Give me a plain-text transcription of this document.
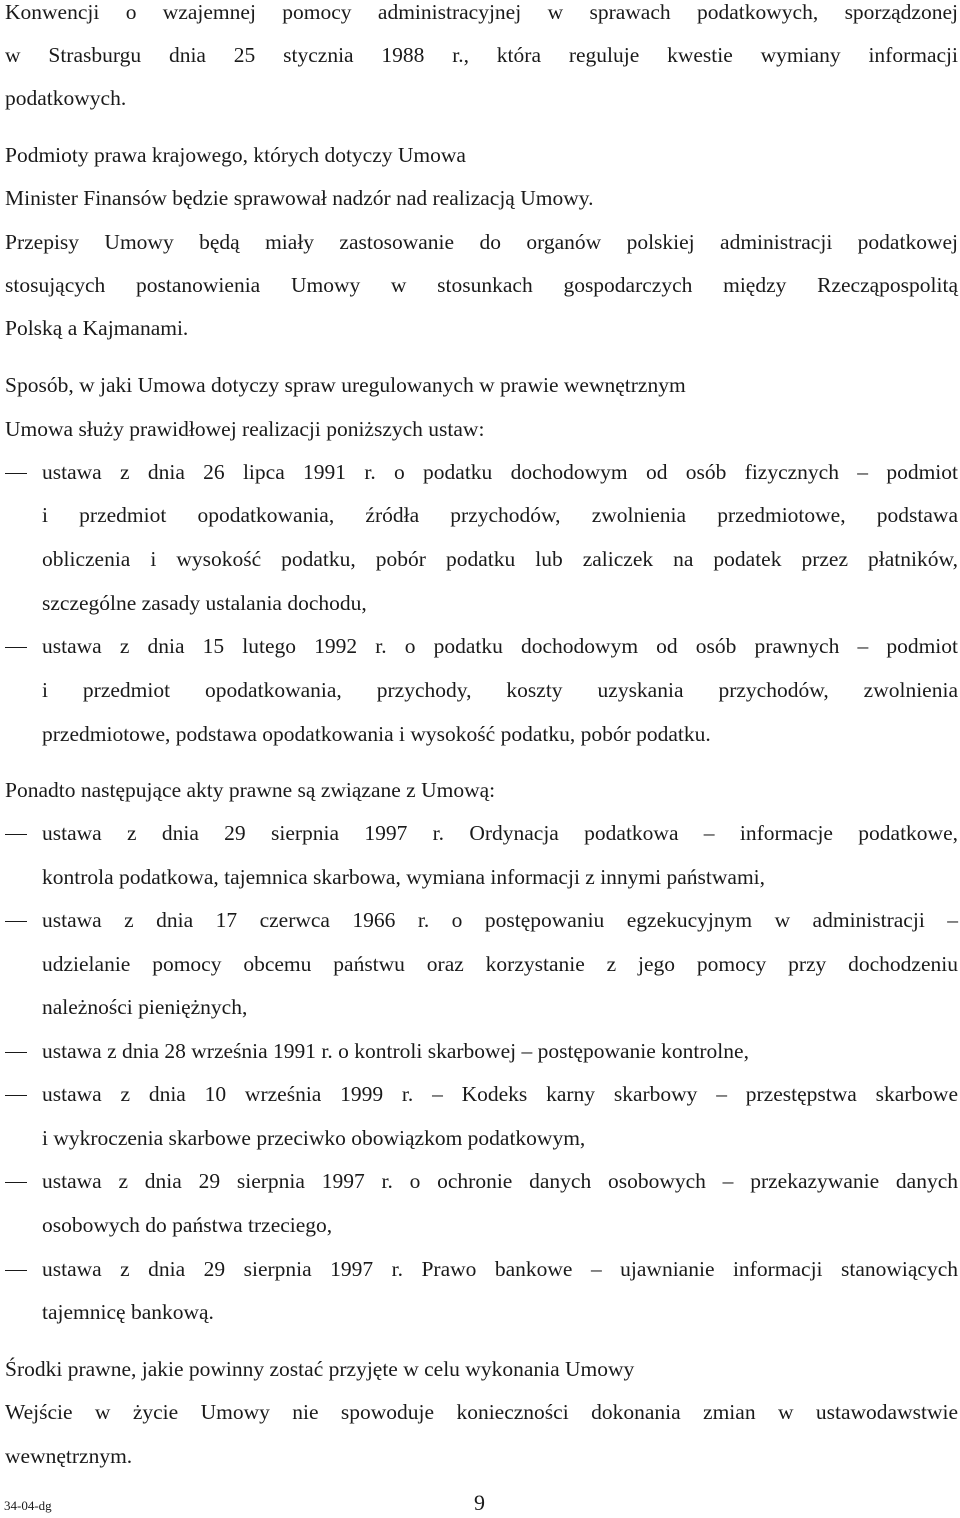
Konwencji o wzajemnej pomocy administracyjnej w sprawach podatkowych, sporządzonej
w Strasburgu dnia 25 stycznia 1988 r., która reguluje kwestie wymiany informacji
podatkowych.
Podmioty prawa krajowego, których dotyczy Umowa
Minister Finansów będzie sprawował nadzór nad realizacją Umowy.
Przepisy Umowy będą miały zastosowanie do organów polskiej administracji podatkowej
stosujących postanowienia Umowy w stosunkach gospodarczych między Rzecząpospolitą
Polską a Kajmanami.
Sposób, w jaki Umowa dotyczy spraw uregulowanych w prawie wewnętrznym
Umowa służy prawidłowej realizacji poniższych ustaw:
ustawa z dnia 26 lipca 1991 r. o podatku dochodowym od osób fizycznych – podmiot
i przedmiot opodatkowania, źródła przychodów, zwolnienia przedmiotowe, podstawa
obliczenia i wysokość podatku, pobór podatku lub zaliczek na podatek przez płatników,
szczególne zasady ustalania dochodu,
ustawa z dnia 15 lutego 1992 r. o podatku dochodowym od osób prawnych – podmiot
i przedmiot opodatkowania, przychody, koszty uzyskania przychodów, zwolnienia
przedmiotowe, podstawa opodatkowania i wysokość podatku, pobór podatku.
Ponadto następujące akty prawne są związane z Umową:
ustawa z dnia 29 sierpnia 1997 r. Ordynacja podatkowa – informacje podatkowe,
kontrola podatkowa, tajemnica skarbowa, wymiana informacji z innymi państwami,
ustawa z dnia 17 czerwca 1966 r. o postępowaniu egzekucyjnym w administracji –
udzielanie pomocy obcemu państwu oraz korzystanie z jego pomocy przy dochodzeniu
należności pieniężnych,
ustawa z dnia 28 września 1991 r. o kontroli skarbowej – postępowanie kontrolne,
ustawa z dnia 10 września 1999 r. – Kodeks karny skarbowy – przestępstwa skarbowe
i wykroczenia skarbowe przeciwko obowiązkom podatkowym,
ustawa z dnia 29 sierpnia 1997 r. o ochronie danych osobowych – przekazywanie danych
osobowych do państwa trzeciego,
ustawa z dnia 29 sierpnia 1997 r. Prawo bankowe – ujawnianie informacji stanowiących
tajemnicę bankową.
Środki prawne, jakie powinny zostać przyjęte w celu wykonania Umowy
Wejście w życie Umowy nie spowoduje konieczności dokonania zmian w ustawodawstwie
wewnętrznym.
34-04-dg	9
